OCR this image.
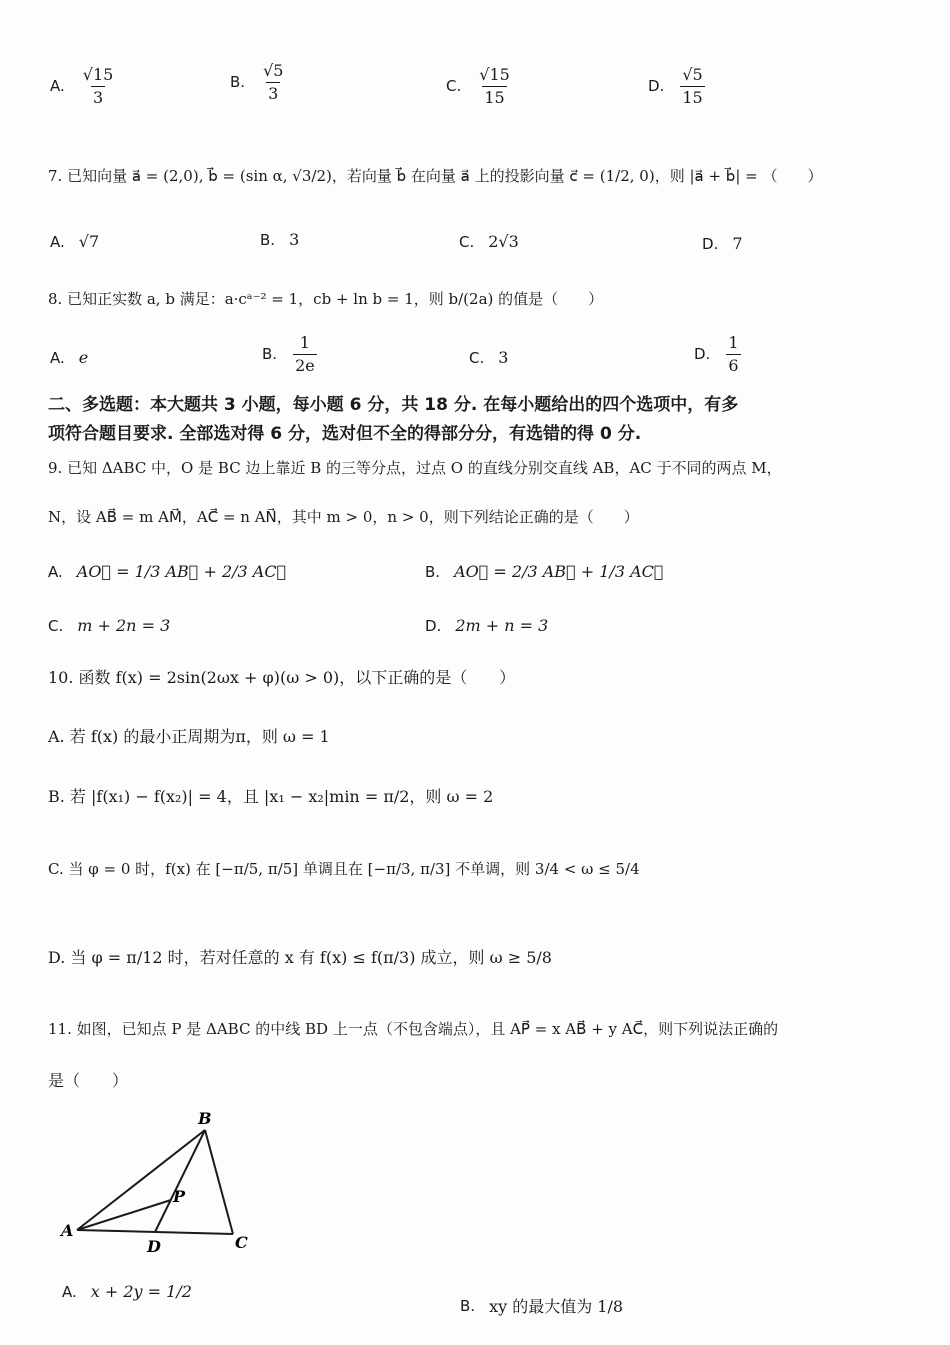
A. $\frac{√15}{3}$	B. $\frac{√5}{3}$	C. $\frac{√15}{15}$	D. $\frac{√5}{15}$
7. 已知向量 a⃗ = (2,0), b⃗ = (sin α, √3/2)，若向量 b⃗ 在向量 a⃗ 上的投影向量 c⃗ = (1/2, 0)，则 |a⃗ + b⃗| = （　　）
A. √7	B. 3	C. 2√3	D. 7
8. 已知正实数 a, b 满足：a·cᵃ⁻² = 1，cb + ln b = 1，则 b/(2a) 的值是（　　）
A. e	B. $\frac{1}{2e}$	C. 3	D. $\frac{1}{6}$
二、多选题：本大题共 3 小题，每小题 6 分，共 18 分. 在每小题给出的四个选项中，有多
项符合题目要求. 全部选对得 6 分，选对但不全的得部分分，有选错的得 0 分.
9. 已知 ΔABC 中，O 是 BC 边上靠近 B 的三等分点，过点 O 的直线分别交直线 AB，AC 于不同的两点 M，
N，设 AB⃗ = m AM⃗，AC⃗ = n AN⃗，其中 m > 0，n > 0，则下列结论正确的是（　　）
A. AO⃗ = 1/3 AB⃗ + 2/3 AC⃗	B. AO⃗ = 2/3 AB⃗ + 1/3 AC⃗
C. m + 2n = 3	D. 2m + n = 3
10. 函数 f(x) = 2sin(2ωx + φ)(ω > 0)，以下正确的是（　　）
A. 若 f(x) 的最小正周期为π，则 ω = 1
B. 若 |f(x₁) − f(x₂)| = 4，且 |x₁ − x₂|min = π/2，则 ω = 2
C. 当 φ = 0 时，f(x) 在 [−π/5, π/5] 单调且在 [−π/3, π/3] 不单调，则 3/4 < ω ≤ 5/4
D. 当 φ = π/12 时，若对任意的 x 有 f(x) ≤ f(π/3) 成立，则 ω ≥ 5/8
11. 如图，已知点 P 是 ΔABC 的中线 BD 上一点（不包含端点），且 AP⃗ = x AB⃗ + y AC⃗，则下列说法正确的
是（　　）
A
B
C
D
P
A. x + 2y = 1/2
B. xy 的最大值为 1/8
